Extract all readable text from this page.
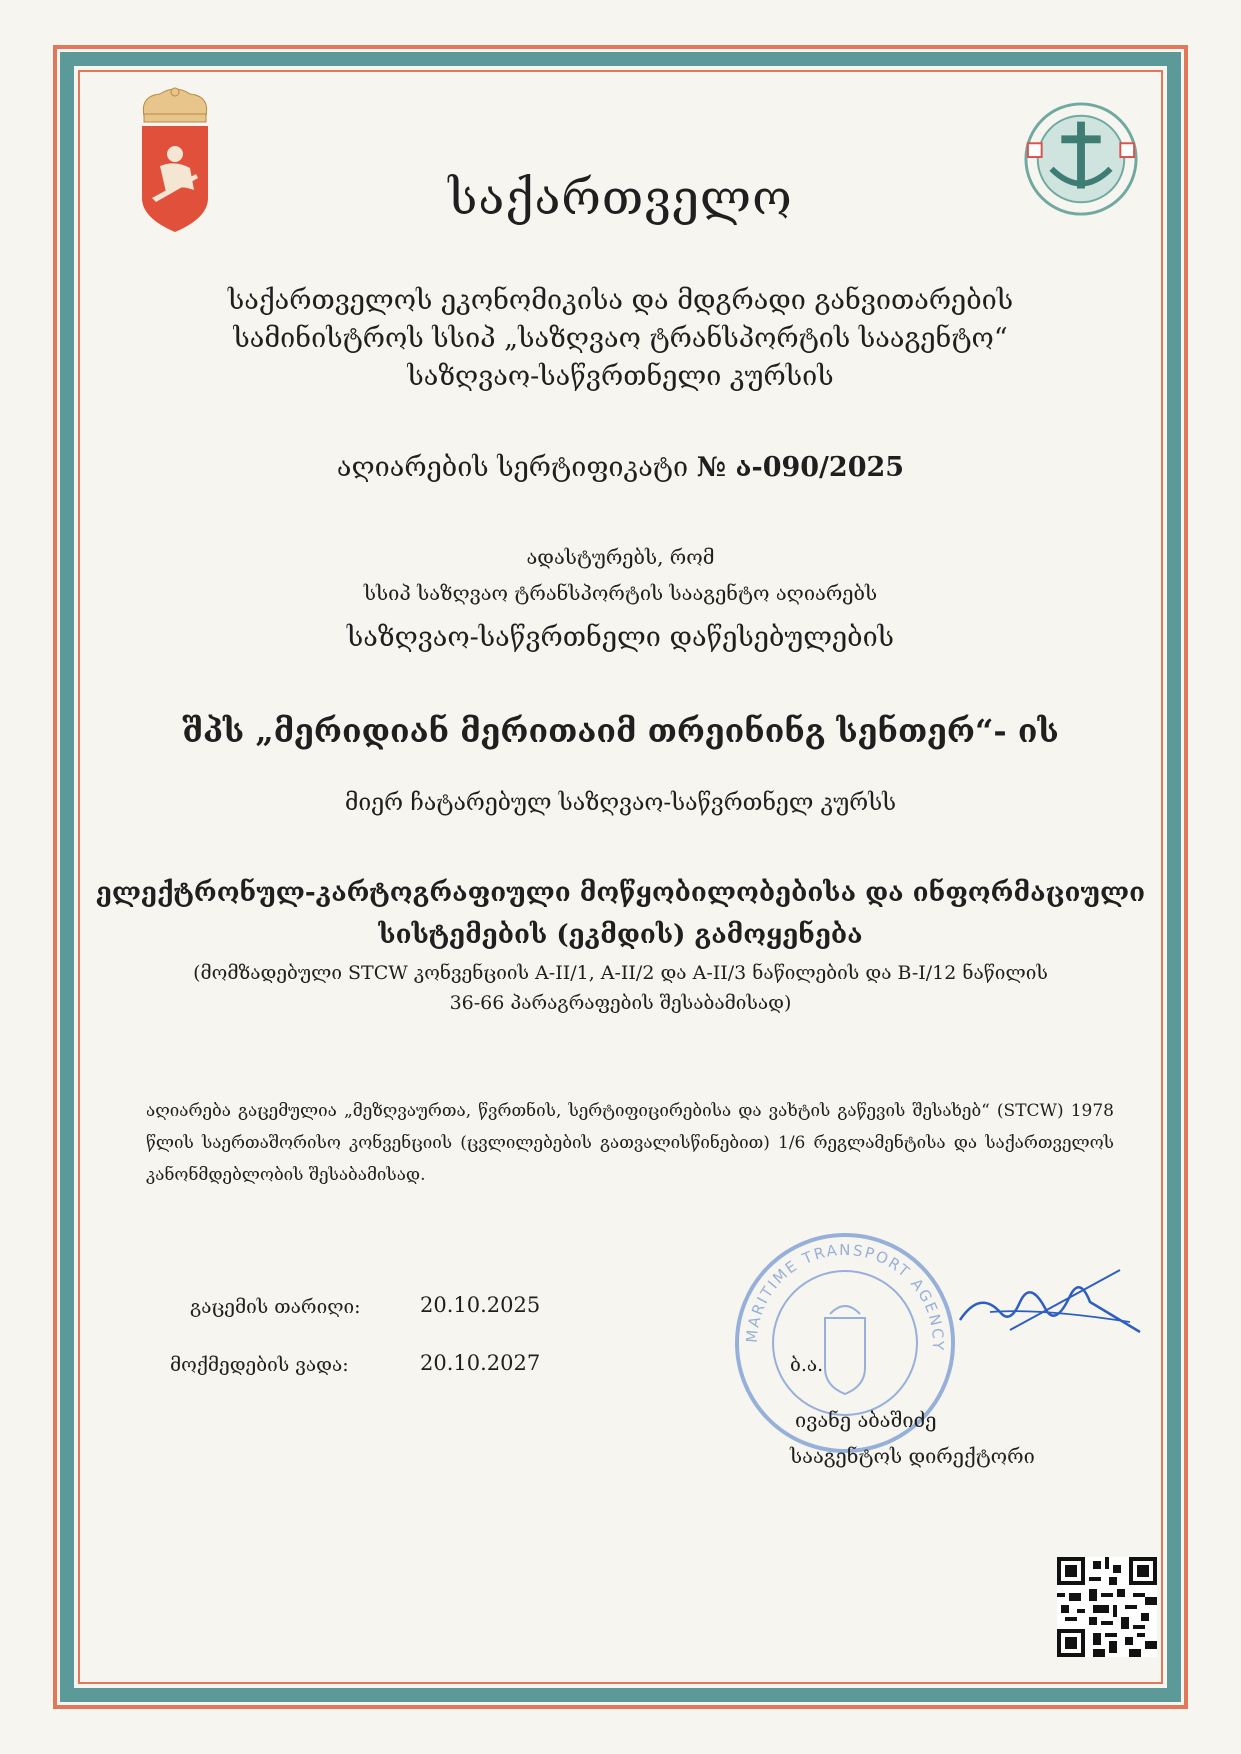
საქართველო
საქართველოს ეკონომიკისა და მდგრადი განვითარების
სამინისტროს სსიპ „საზღვაო ტრანსპორტის სააგენტო“
საზღვაო-საწვრთნელი კურსის
აღიარების სერტიფიკატი № ა-090/2025
ადასტურებს, რომ
სსიპ საზღვაო ტრანსპორტის სააგენტო აღიარებს
საზღვაო-საწვრთნელი დაწესებულების
შპს „მერიდიან მერითაიმ თრეინინგ სენთერ“- ის
მიერ ჩატარებულ საზღვაო-საწვრთნელ კურსს
ელექტრონულ-კარტოგრაფიული მოწყობილობებისა და ინფორმაციული
სისტემების (ეკმდის) გამოყენება
(მომზადებული STCW კონვენციის A-II/1, A-II/2 და A-II/3 ნაწილების და B-I/12 ნაწილის
36-66 პარაგრაფების შესაბამისად)
აღიარება გაცემულია „მეზღვაურთა, წვრთნის, სერტიფიცირებისა და ვახტის გაწევის შესახებ“ (STCW) 1978 წლის საერთაშორისო კონვენციის (ცვლილებების გათვალისწინებით) 1/6 რეგლამენტისა და საქართველოს კანონმდებლობის შესაბამისად.
გაცემის თარიღი:	20.10.2025
მოქმედების ვადა:	20.10.2027
MARITIME TRANSPORT AGENCY
ბ.ა.
ივანე აბაშიძე
სააგენტოს დირექტორი
